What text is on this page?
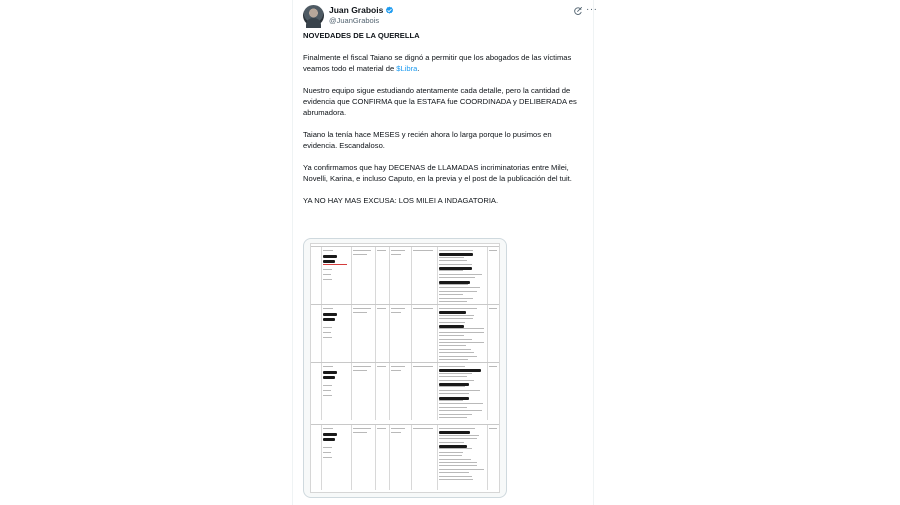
Juan Grabois
@JuanGrabois
···

NOVEDADES DE LA QUERELLA

Finalmente el fiscal Taiano se dignó a permitir que los abogados de las víctimas veamos todo el material de $Libra.

Nuestro equipo sigue estudiando atentamente cada detalle, pero la cantidad de evidencia que CONFIRMA que la ESTAFA fue COORDINADA y DELIBERADA es abrumadora.

Taiano la tenía hace MESES y recién ahora lo larga porque lo pusimos en evidencia. Escandaloso.

Ya confirmamos que hay DECENAS de LLAMADAS incriminatorias entre Milei, Novelli, Karina, e incluso Caputo, en la previa y el post de la publicación del tuit.

YA NO HAY MAS EXCUSA: LOS MILEI A INDAGATORIA.
